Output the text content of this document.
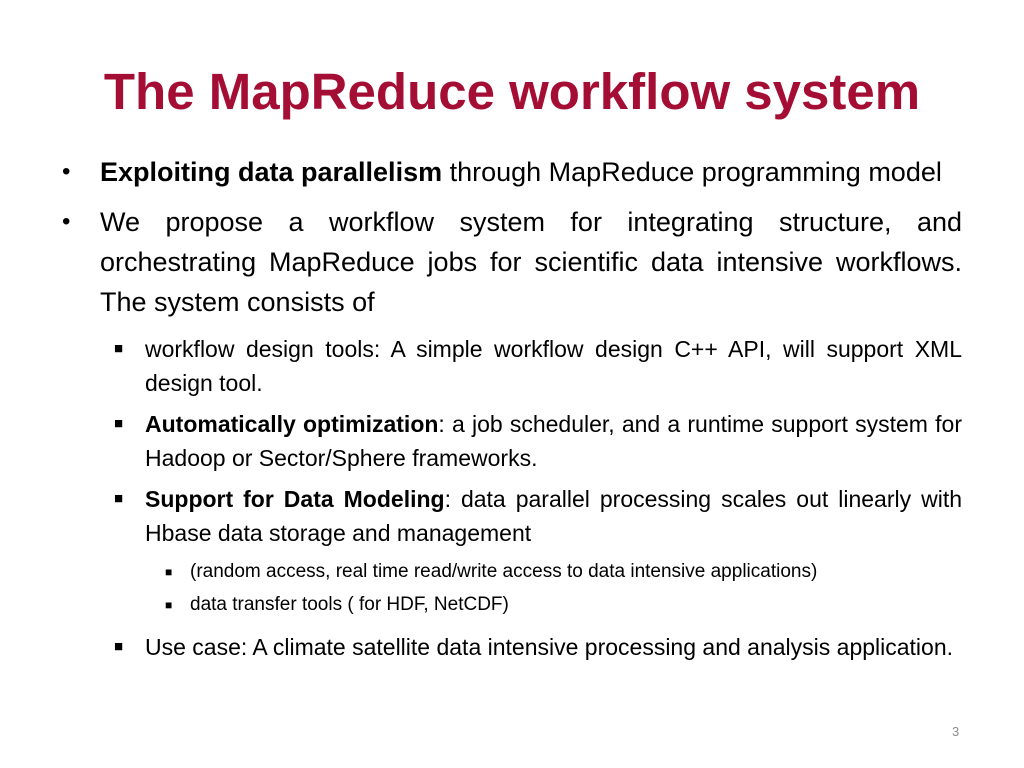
The MapReduce workflow system
• Exploiting data parallelism through MapReduce programming model
• We propose a workflow system for integrating structure, and orchestrating MapReduce jobs for scientific data intensive workflows. The system consists of
■ workflow design tools: A simple workflow design C++ API, will support XML design tool.
■ Automatically optimization: a job scheduler, and a runtime support system for Hadoop or Sector/Sphere frameworks.
■ Support for Data Modeling: data parallel processing scales out linearly with Hbase data storage and management
■ (random access, real time read/write access to data intensive applications)
■ data transfer tools ( for HDF, NetCDF)
■ Use case: A climate satellite data intensive processing and analysis application.
3
